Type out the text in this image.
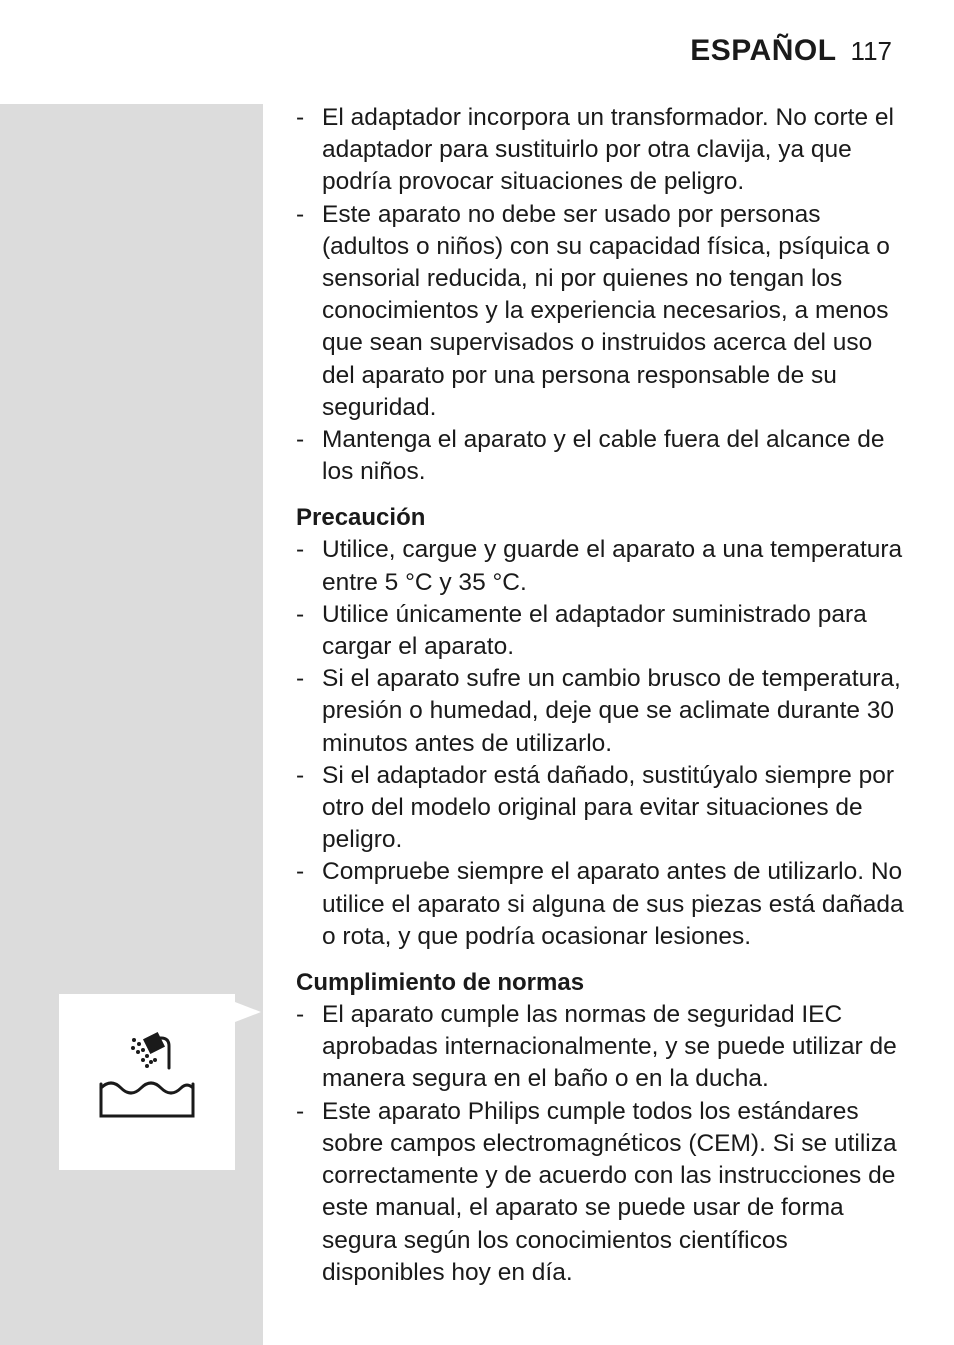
ESPAÑOL 117
- El adaptador incorpora un transformador. No corte el adaptador para sustituirlo por otra clavija, ya que podría provocar situaciones de peligro.
- Este aparato no debe ser usado por personas (adultos o niños) con su capacidad física, psíquica o sensorial reducida, ni por quienes no tengan los conocimientos y la experiencia necesarios, a menos que sean supervisados o instruidos acerca del uso del aparato por una persona responsable de su seguridad.
- Mantenga el aparato y el cable fuera del alcance de los niños.
Precaución
- Utilice, cargue y guarde el aparato a una temperatura entre 5 °C y 35 °C.
- Utilice únicamente el adaptador suministrado para cargar el aparato.
- Si el aparato sufre un cambio brusco de temperatura, presión o humedad, deje que se aclimate durante 30 minutos antes de utilizarlo.
- Si el adaptador está dañado, sustitúyalo siempre por otro del modelo original para evitar situaciones de peligro.
- Compruebe siempre el aparato antes de utilizarlo. No utilice el aparato si alguna de sus piezas está dañada o rota, y que podría ocasionar lesiones.
Cumplimiento de normas
- El aparato cumple las normas de seguridad IEC aprobadas internacionalmente, y se puede utilizar de manera segura en el baño o en la ducha.
- Este aparato Philips cumple todos los estándares sobre campos electromagnéticos (CEM). Si se utiliza correctamente y de acuerdo con las instrucciones de este manual, el aparato se puede usar de forma segura según los conocimientos científicos disponibles hoy en día.
